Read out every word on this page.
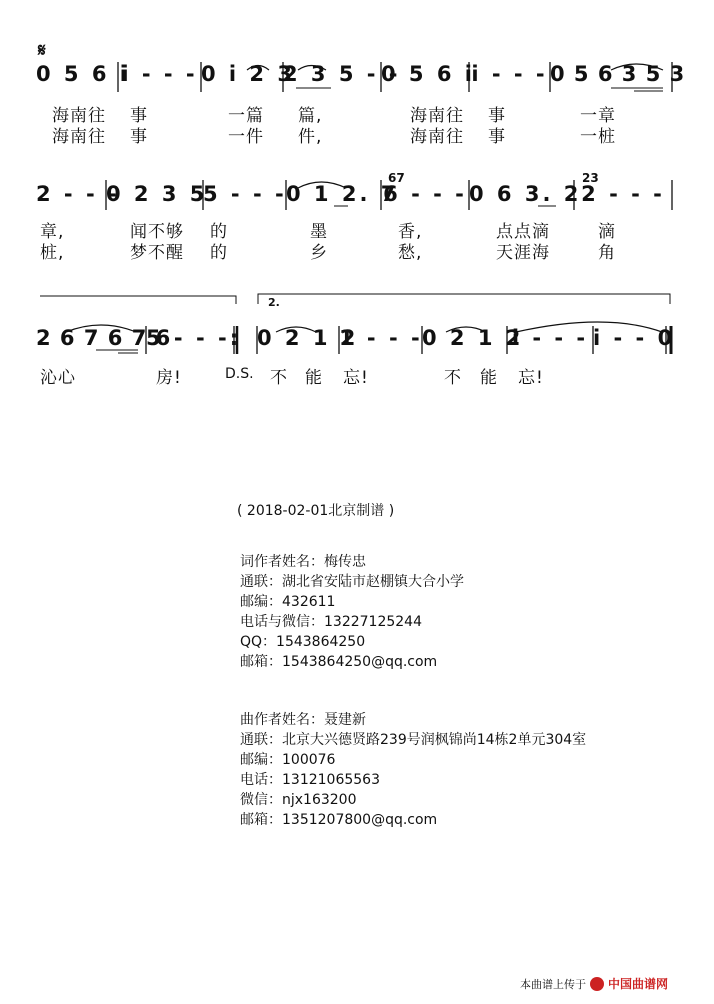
𝄋
0 5 6 i
i - - - 0 i 2 3
2 3 5 - -
0 5 6 i
i - - - 0 5 6 3 5 3
海南往 事	一篇 篇,	海南往 事	一章
海南往 事	一件 件,	海南往 事	一桩
67	23
2 - - -
0 2 3 5
5 - - - 0 1 2. 7
6 - - - 0 6 3. 2 2 - - -
章,	闻不够 的	墨	香,	点点滴	滴
桩,	梦不醒 的	乡	愁,	天涯海	角
2.
2 6 7 6 7 6
5 - - -: 0 2 1 2
1 - - - 0 2 1 2
i - - - i - - 0
沁心	房!	不 能 忘!	不 能 忘!
D.S.
( 2018-02-01北京制谱 )
词作者姓名：梅传忠
通联：湖北省安陆市赵棚镇大合小学
邮编：432611
电话与微信：13227125244
QQ：1543864250
邮箱：1543864250@qq.com
曲作者姓名：聂建新
通联：北京大兴德贤路239号润枫锦尚14栋2单元304室
邮编：100076
电话：13121065563
微信：njx163200
邮箱：1351207800@qq.com
本曲谱上传于 中国曲谱网
